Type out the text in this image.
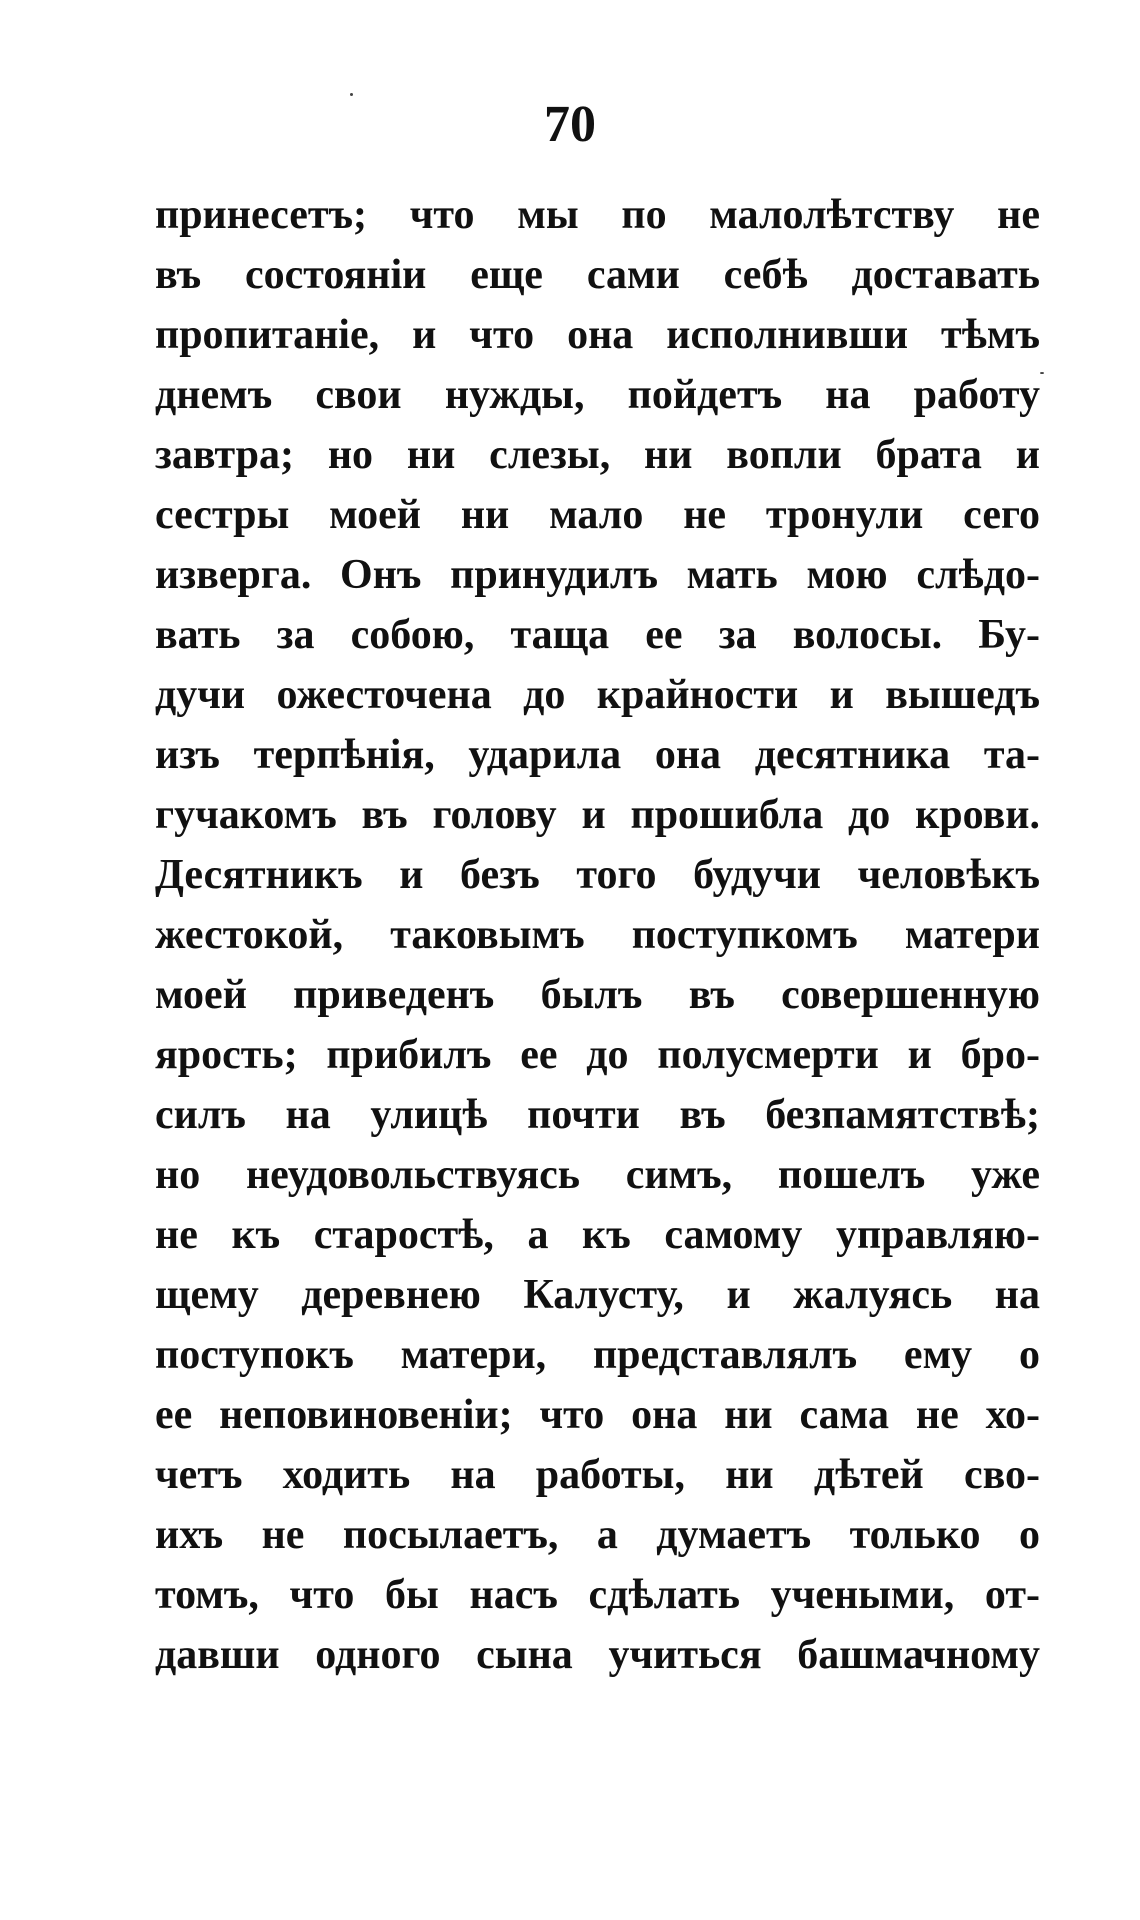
70
принесетъ; что мы по малолѣтству не
въ состояніи еще сами себѣ доставать
пропитаніе, и что она исполнивши тѣмъ
днемъ свои нужды, пойдетъ на работу
завтра; но ни слезы, ни вопли брата и
сестры моей ни мало не тронули сего
изверга. Онъ принудилъ мать мою слѣдо-
вать за собою, таща ее за волосы. Бу-
дучи ожесточена до крайности и вышедъ
изъ терпѣнія, ударила она десятника та-
гучакомъ въ голову и прошибла до крови.
Десятникъ и безъ того будучи человѣкъ
жестокой, таковымъ поступкомъ матери
моей приведенъ былъ въ совершенную
ярость; прибилъ ее до полусмерти и бро-
силъ на улицѣ почти въ безпамятствѣ;
но неудовольствуясь симъ, пошелъ уже
не къ старостѣ, а къ самому управляю-
щему деревнею Калусту, и жалуясь на
поступокъ матери, представлялъ ему о
ее неповиновеніи; что она ни сама не хо-
четъ ходить на работы, ни дѣтей сво-
ихъ не посылаетъ, а думаетъ только о
томъ, что бы насъ сдѣлать учеными, от-
давши одного сына учиться башмачному
